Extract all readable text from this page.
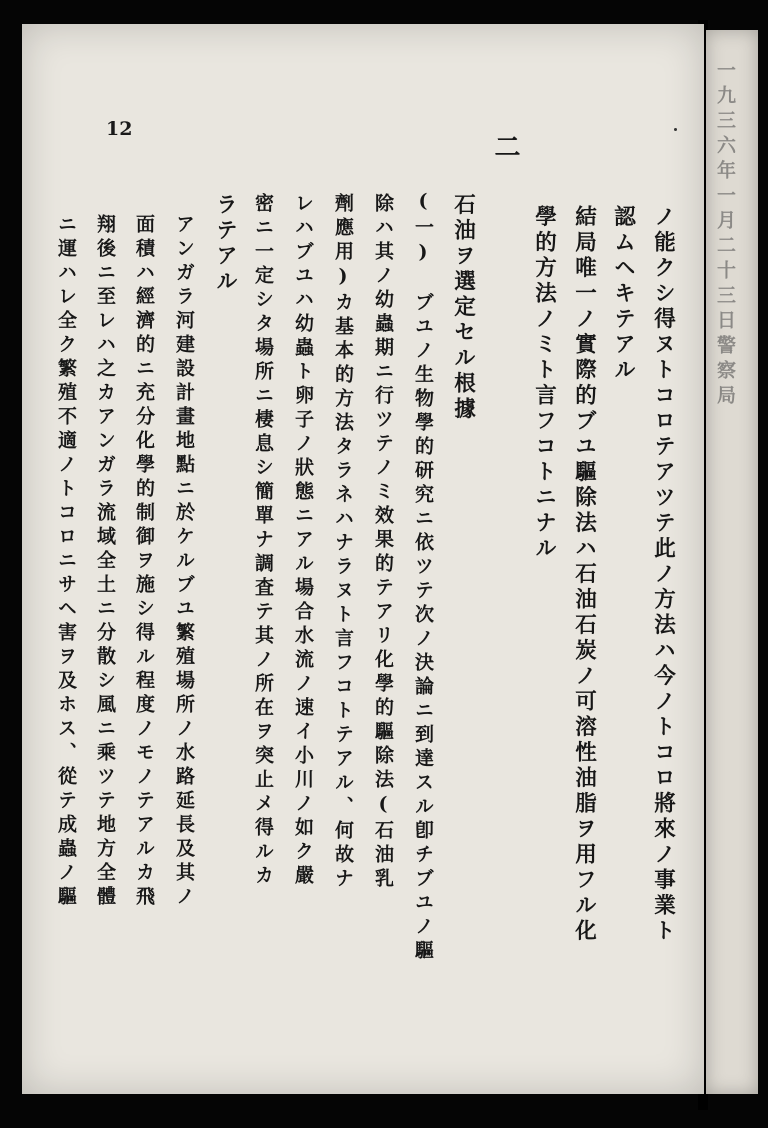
一九三六年一月二十三日警察局
12
ノ能クシ得ヌトコロテアツテ此ノ方法ハ今ノトコロ將來ノ事業ト
認ムヘキテアル
結局唯一ノ實際的ブユ驅除法ハ石油石炭ノ可溶性油脂ヲ用フル化
學的方法ノミト言フコトニナル
二
石油ヲ選定セル根據
(一)　ブユノ生物學的研究ニ依ツテ次ノ決論ニ到達スル卽チブユノ驅
除ハ其ノ幼蟲期ニ行ツテノミ效果的テアリ化學的驅除法(石油乳
劑應用)カ基本的方法タラネハナラヌト言フコトテアル、何故ナ
レハブユハ幼蟲ト卵子ノ狀態ニアル場合水流ノ速イ小川ノ如ク嚴
密ニ一定シタ場所ニ棲息シ簡單ナ調査テ其ノ所在ヲ突止メ得ルカ
ラテアル
アンガラ河建設計畫地點ニ於ケルブユ繁殖場所ノ水路延長及其ノ
面積ハ經濟的ニ充分化學的制御ヲ施シ得ル程度ノモノテアルカ飛
翔後ニ至レハ之カアンガラ流域全土ニ分散シ風ニ乘ツテ地方全體
ニ運ハレ全ク繁殖不適ノトコロニサヘ害ヲ及ホス、從テ成蟲ノ驅
